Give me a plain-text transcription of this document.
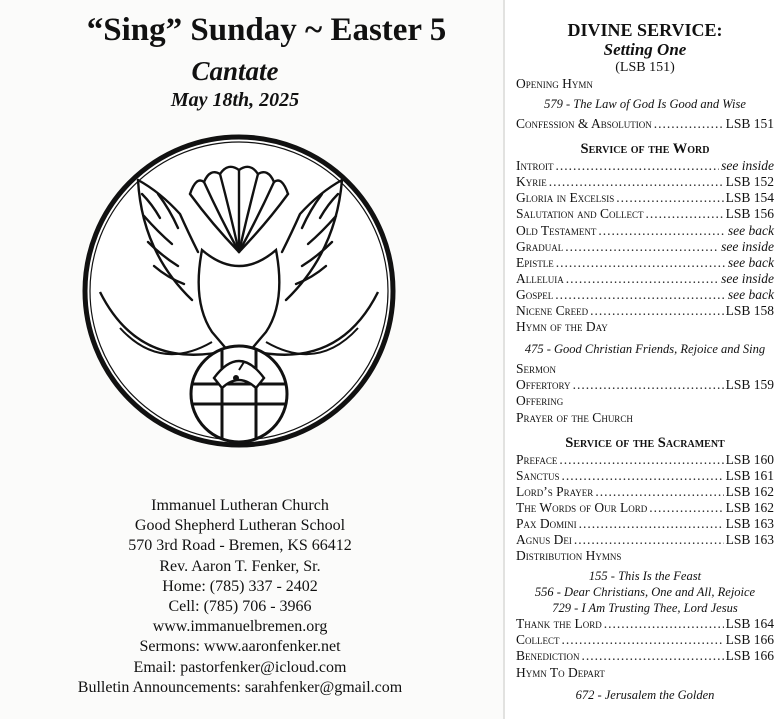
“Sing” Sunday ~ Easter 5
Cantate
May 18th, 2025
Immanuel Lutheran Church
Good Shepherd Lutheran School
570 3rd Road - Bremen, KS 66412
Rev. Aaron T. Fenker, Sr.
Home: (785) 337 - 2402
Cell: (785) 706 - 3966
www.immanuelbremen.org
Sermons: www.aaronfenker.net
Email: pastorfenker@icloud.com
Bulletin Announcements: sarahfenker@gmail.com
DIVINE SERVICE:
Setting One
(LSB 151)
Opening Hymn
579 - The Law of God Is Good and Wise
Confession & Absolution .....	LSB 151
Service of the Word
Introit .....	see inside
Kyrie .....	LSB 152
Gloria in Excelsis .....	LSB 154
Salutation and Collect .....	LSB 156
Old Testament .....	see back
Gradual .....	see inside
Epistle .....	see back
Alleluia .....	see inside
Gospel .....	see back
Nicene Creed .....	LSB 158
Hymn of the Day
475 - Good Christian Friends, Rejoice and Sing
Sermon
Offertory .....	LSB 159
Offering
Prayer of the Church
Service of the Sacrament
Preface .....	LSB 160
Sanctus .....	LSB 161
Lord’s Prayer .....	LSB 162
The Words of Our Lord .....	LSB 162
Pax Domini .....	LSB 163
Agnus Dei .....	LSB 163
Distribution Hymns
155 - This Is the Feast
556 - Dear Christians, One and All, Rejoice
729 - I Am Trusting Thee, Lord Jesus
Thank the Lord .....	LSB 164
Collect .....	LSB 166
Benediction .....	LSB 166
Hymn To Depart
672 - Jerusalem the Golden
